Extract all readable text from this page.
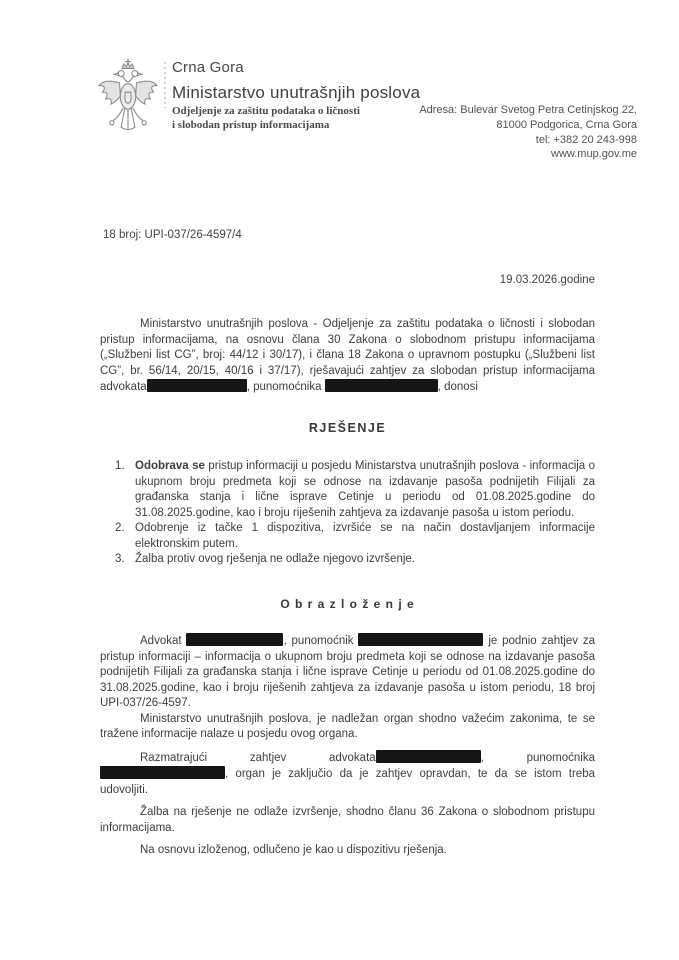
Crna Gora
Ministarstvo unutrašnjih poslova
Odjeljenje za zaštitu podataka o ličnosti
i slobodan pristup informacijama
Adresa: Bulevar Svetog Petra Cetinjskog 22,
81000 Podgorica, Crna Gora
tel: +382 20 243-998
www.mup.gov.me
18 broj: UPI-037/26-4597/4
19.03.2026.godine

Ministarstvo unutrašnjih poslova - Odjeljenje za zaštitu podataka o ličnosti i slobodan pristup informacijama, na osnovu člana 30 Zakona o slobodnom pristupu informacijama („Službeni list CG”, broj: 44/12 i 30/17), i člana 18 Zakona o upravnom postupku („Službeni list CG”, br. 56/14, 20/15, 40/16 i 37/17), rješavajući zahtjev za slobodan pristup informacijama advokata	, punomoćnika	, donosi

RJEŠENJE
1. Odobrava se pristup informaciji u posjedu Ministarstva unutrašnjih poslova - informacija o ukupnom broju predmeta koji se odnose na izdavanje pasoša podnijetih Filijali za građanska stanja i lične isprave Cetinje u periodu od 01.08.2025.godine do 31.08.2025.godine, kao i broju riješenih zahtjeva za izdavanje pasoša u istom periodu.
2. Odobrenje iz tačke 1 dispozitiva, izvršiće se na način dostavljanjem informacije elektronskim putem.
3. Žalba protiv ovog rješenja ne odlaže njegovo izvršenje.
O b r a z l o ž e n j e

Advokat	, punomoćnik	je podnio zahtjev za pristup informaciji – informacija o ukupnom broju predmeta koji se odnose na izdavanje pasoša podnijetih Filijali za građanska stanja i lične isprave Cetinje u periodu od 01.08.2025.godine do 31.08.2025.godine, kao i broju riješenih zahtjeva za izdavanje pasoša u istom periodu, 18 broj UPI-037/26-4597.

Ministarstvo unutrašnjih poslova, je nadležan organ shodno važećim zakonima, te se tražene informacije nalaze u posjedu ovog organa.

Razmatrajući zahtjev advokata	, punomoćnika , organ je zaključio da je zahtjev opravdan, te da se istom treba udovoljiti.

Žalba na rješenje ne odlaže izvršenje, shodno članu 36 Zakona o slobodnom pristupu informacijama.

Na osnovu izloženog, odlučeno je kao u dispozitivu rješenja.
